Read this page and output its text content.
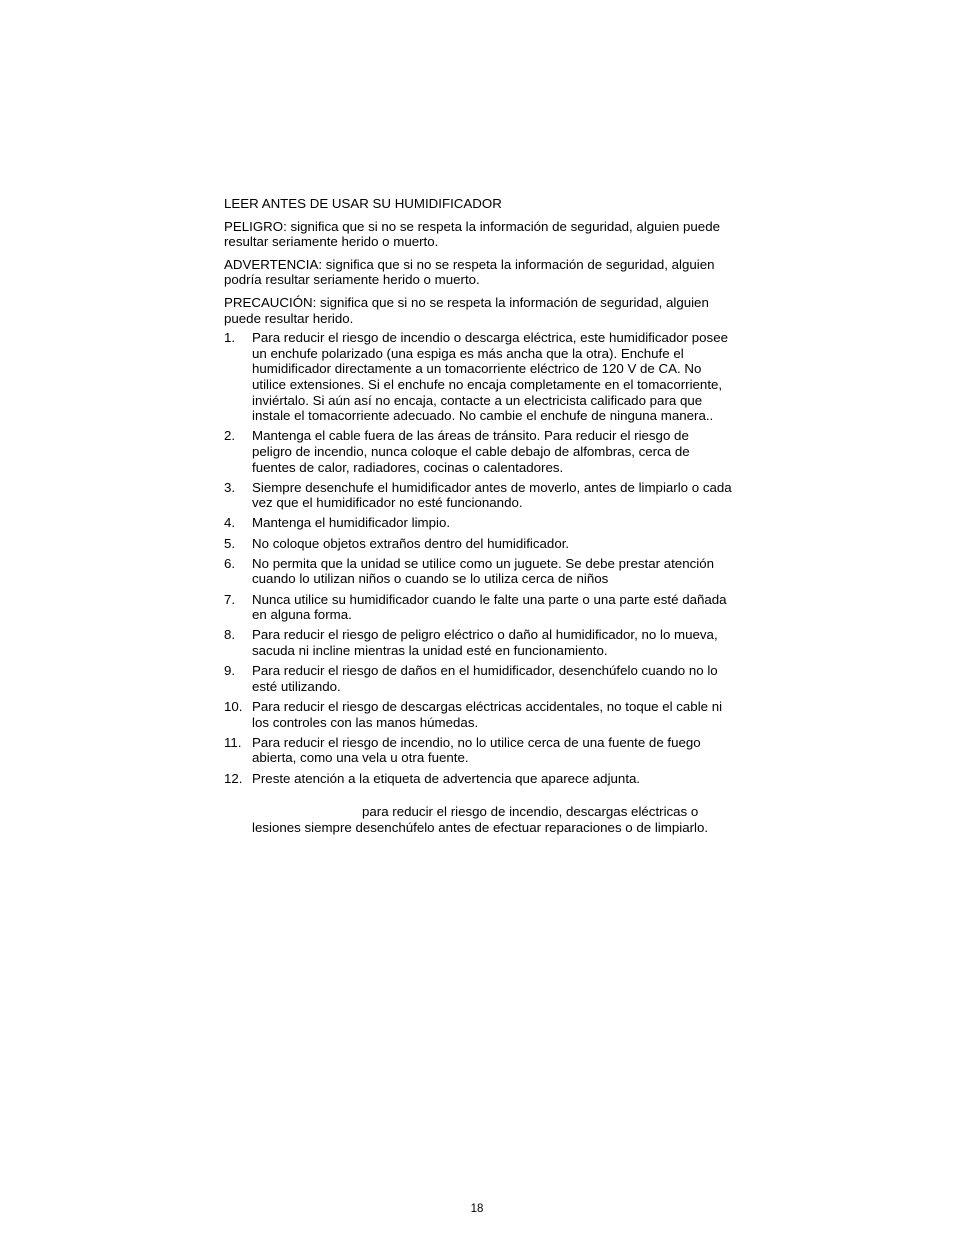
LEER ANTES DE USAR SU HUMIDIFICADOR

PELIGRO: significa que si no se respeta la información de seguridad, alguien puede resultar seriamente herido o muerto.

ADVERTENCIA: significa que si no se respeta la información de seguridad, alguien podría resultar seriamente herido o muerto.

PRECAUCIÓN: significa que si no se respeta la información de seguridad, alguien puede resultar herido.

1.	Para reducir el riesgo de incendio o descarga eléctrica, este humidificador posee un enchufe polarizado (una espiga es más ancha que la otra). Enchufe el humidificador directamente a un tomacorriente eléctrico de 120 V de CA. No utilice extensiones. Si el enchufe no encaja completamente en el tomacorriente, inviértalo. Si aún así no encaja, contacte a un electricista calificado para que instale el tomacorriente adecuado. No cambie el enchufe de ninguna manera..
2.	Mantenga el cable fuera de las áreas de tránsito. Para reducir el riesgo de peligro de incendio, nunca coloque el cable debajo de alfombras, cerca de fuentes de calor, radiadores, cocinas o calentadores.
3.	Siempre desenchufe el humidificador antes de moverlo, antes de limpiarlo o cada vez que el humidificador no esté funcionando.
4.	Mantenga el humidificador limpio.
5.	No coloque objetos extraños dentro del humidificador.
6.	No permita que la unidad se utilice como un juguete. Se debe prestar atención cuando lo utilizan niños o cuando se lo utiliza cerca de niños
7.	Nunca utilice su humidificador cuando le falte una parte o una parte esté dañada en alguna forma.
8.	Para reducir el riesgo de peligro eléctrico o daño al humidificador, no lo mueva, sacuda ni incline mientras la unidad esté en funcionamiento.
9.	Para reducir el riesgo de daños en el humidificador, desenchúfelo cuando no lo esté utilizando.
10. Para reducir el riesgo de descargas eléctricas accidentales, no toque el cable ni los controles con las manos húmedas.
11. Para reducir el riesgo de incendio, no lo utilice cerca de una fuente de fuego abierta, como una vela u otra fuente.
12. Preste atención a la etiqueta de advertencia que aparece adjunta.

para reducir el riesgo de incendio, descargas eléctricas o lesiones siempre desenchúfelo antes de efectuar reparaciones o de limpiarlo.

18
